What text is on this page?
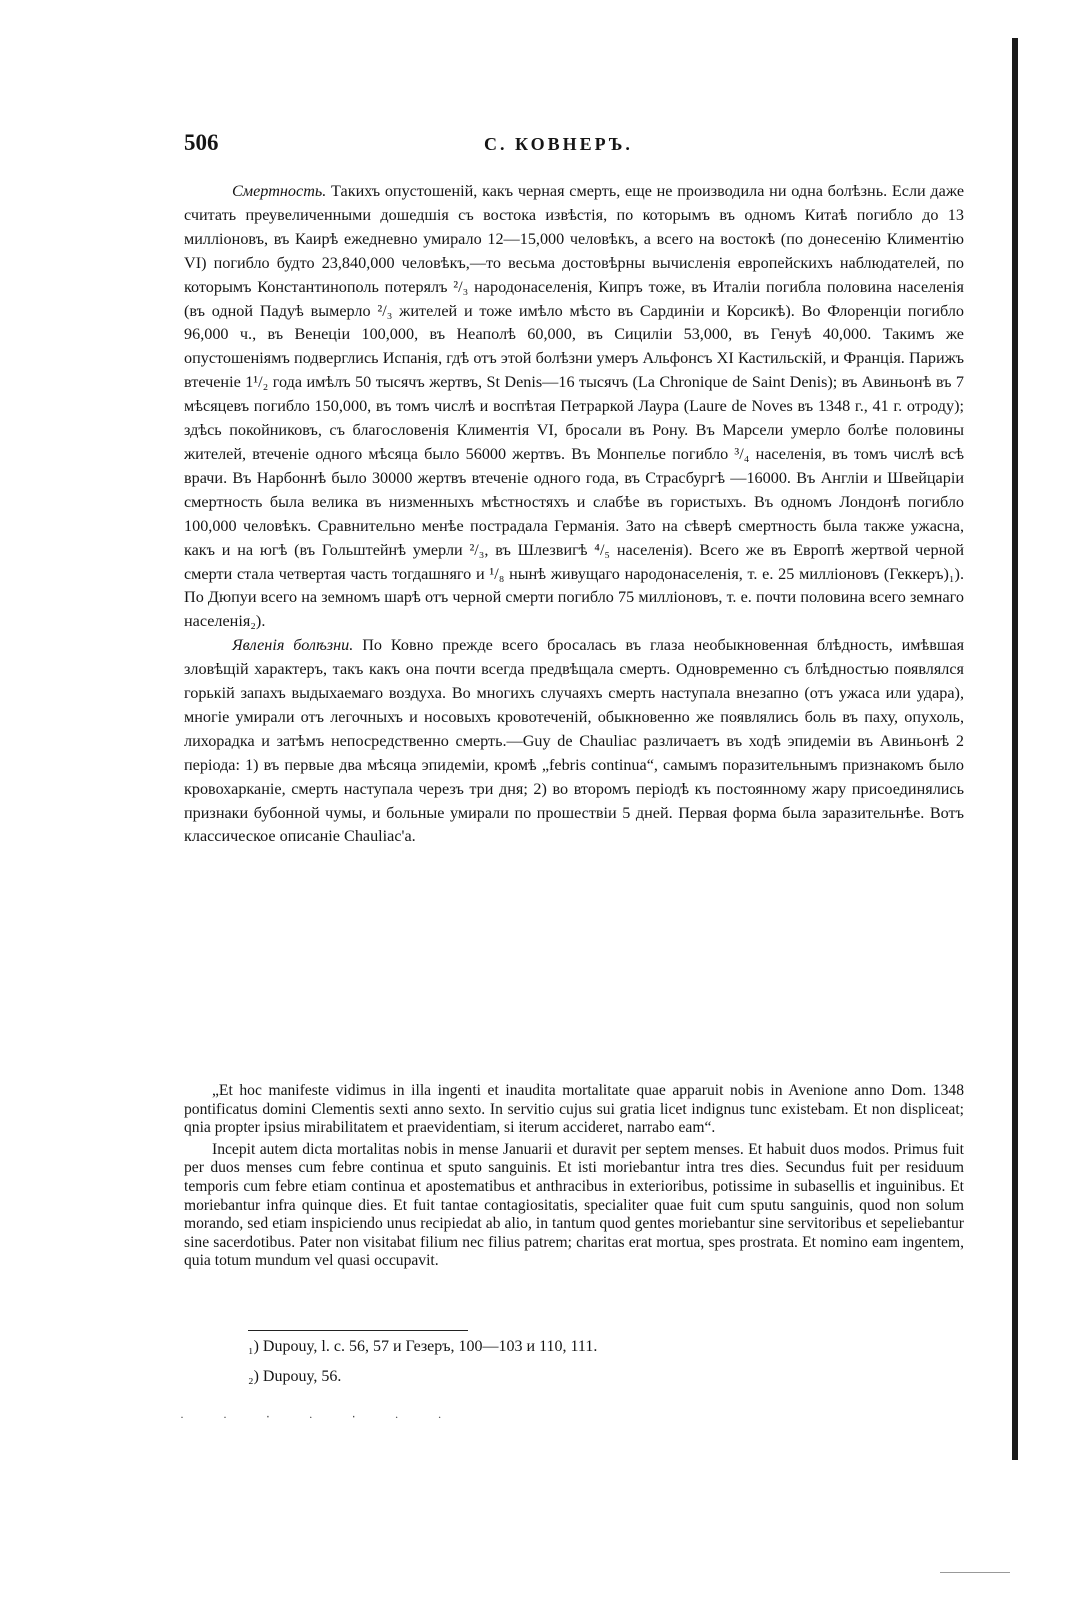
506	С. КОВНЕРЪ.

Смертность. Такихъ опустошеній, какъ черная смерть, еще не производила ни одна болѣзнь. Если даже считать преувеличенными дошедшія съ востока извѣстія, по которымъ въ одномъ Китаѣ погибло до 13 милліоновъ, въ Каирѣ ежедневно умирало 12—15,000 человѣкъ, а всего на востокѣ (по донесенію Климентію VI) погибло будто 23,840,000 человѣкъ,—то весьма достовѣрны вычисленія европейскихъ наблюдателей, по которымъ Константинополь потерялъ ²/₃ народонаселенія, Кипръ тоже, въ Италіи погибла половина населенія (въ одной Падуѣ вымерло ²/₃ жителей и тоже имѣло мѣсто въ Сардиніи и Корсикѣ). Во Флоренціи погибло 96,000 ч., въ Венеціи 100,000, въ Неаполѣ 60,000, въ Сициліи 53,000, въ Генуѣ 40,000. Такимъ же опустошеніямъ подверглись Испанія, гдѣ отъ этой болѣзни умеръ Альфонсъ XI Кастильскій, и Франція. Парижъ втеченіе 1¹/₂ года имѣлъ 50 тысячъ жертвъ, St Denis—16 тысячъ (La Chronique de Saint Denis); въ Авиньонѣ въ 7 мѣсяцевъ погибло 150,000, въ томъ числѣ и воспѣтая Петраркой Лаура (Laure de Noves въ 1348 г., 41 г. отроду); здѣсь покойниковъ, съ благословенія Климентія VI, бросали въ Рону. Въ Марсели умерло болѣе половины жителей, втеченіе одного мѣсяца было 56000 жертвъ. Въ Монпелье погибло ³/₄ населенія, въ томъ числѣ всѣ врачи. Въ Нарбоннѣ было 30000 жертвъ втеченіе одного года, въ Страсбургѣ —16000. Въ Англіи и Швейцаріи смертность была велика въ низменныхъ мѣстностяхъ и слабѣе въ гористыхъ. Въ одномъ Лондонѣ погибло 100,000 человѣкъ. Сравнительно менѣе пострадала Германія. Зато на сѣверѣ смертность была также ужасна, какъ и на югѣ (въ Гольштейнѣ умерли ²/₃, въ Шлезвигѣ ⁴/₅ населенія). Всего же въ Европѣ жертвой черной смерти стала четвертая часть тогдашняго и ¹/₈ нынѣ живущаго народонаселенія, т. е. 25 милліоновъ (Геккеръ)₁). По Дюпуи всего на земномъ шарѣ отъ черной смерти погибло 75 милліоновъ, т. е. почти половина всего земнаго населенія₂).

Явленія болѣзни. По Ковно прежде всего бросалась въ глаза необыкновенная блѣдность, имѣвшая зловѣщій характеръ, такъ какъ она почти всегда предвѣщала смерть. Одновременно съ блѣдностью появлялся горькій запахъ выдыхаемаго воздуха. Во многихъ случаяхъ смерть наступала внезапно (отъ ужаса или удара), многіе умирали отъ легочныхъ и носовыхъ кровотеченій, обыкновенно же появлялись боль въ паху, опухоль, лихорадка и затѣмъ непосредственно смерть.—Guy de Chauliac различаетъ въ ходѣ эпидеміи въ Авиньонѣ 2 періода: 1) въ первые два мѣсяца эпидеміи, кромѣ „febris continua“, самымъ поразительнымъ признакомъ было кровохарканіе, смерть наступала черезъ три дня; 2) во второмъ періодѣ къ постоянному жару присоединялись признаки бубонной чумы, и больные умирали по прошествіи 5 дней. Первая форма была заразительнѣе. Вотъ классическое описаніе Chauliac'а.

„Et hoc manifeste vidimus in illa ingenti et inaudita mortalitate quae apparuit nobis in Avenione anno Dom. 1348 pontificatus domini Clementis sexti anno sexto. In servitio cujus sui gratia licet indignus tunc existebam. Et non displiceat; qnia propter ipsius mirabilitatem et praevidentiam, si iterum accideret, narrabo eam“.

Incepit autem dicta mortalitas nobis in mense Januarii et duravit per septem menses. Et habuit duos modos. Primus fuit per duos menses cum febre continua et sputo sanguinis. Et isti moriebantur intra tres dies. Secundus fuit per residuum temporis cum febre etiam continua et apostematibus et anthracibus in exterioribus, potissime in subasellis et inguinibus. Et moriebantur infra quinque dies. Et fuit tantae contagiositatis, specialiter quae fuit cum sputu sanguinis, quod non solum morando, sed etiam inspiciendo unus recipiedat ab alio, in tantum quod gentes moriebantur sine servitoribus et sepeliebantur sine sacerdotibus. Pater non visitabat filium nec filius patrem; charitas erat mortua, spes prostrata. Et nomino eam ingentem, quia totum mundum vel quasi occupavit.

₁) Dupouy, l. c. 56, 57 и Гезеръ, 100—103 и 110, 111.

₂) Dupouy, 56.

· · ‧ · ‧ · ·
